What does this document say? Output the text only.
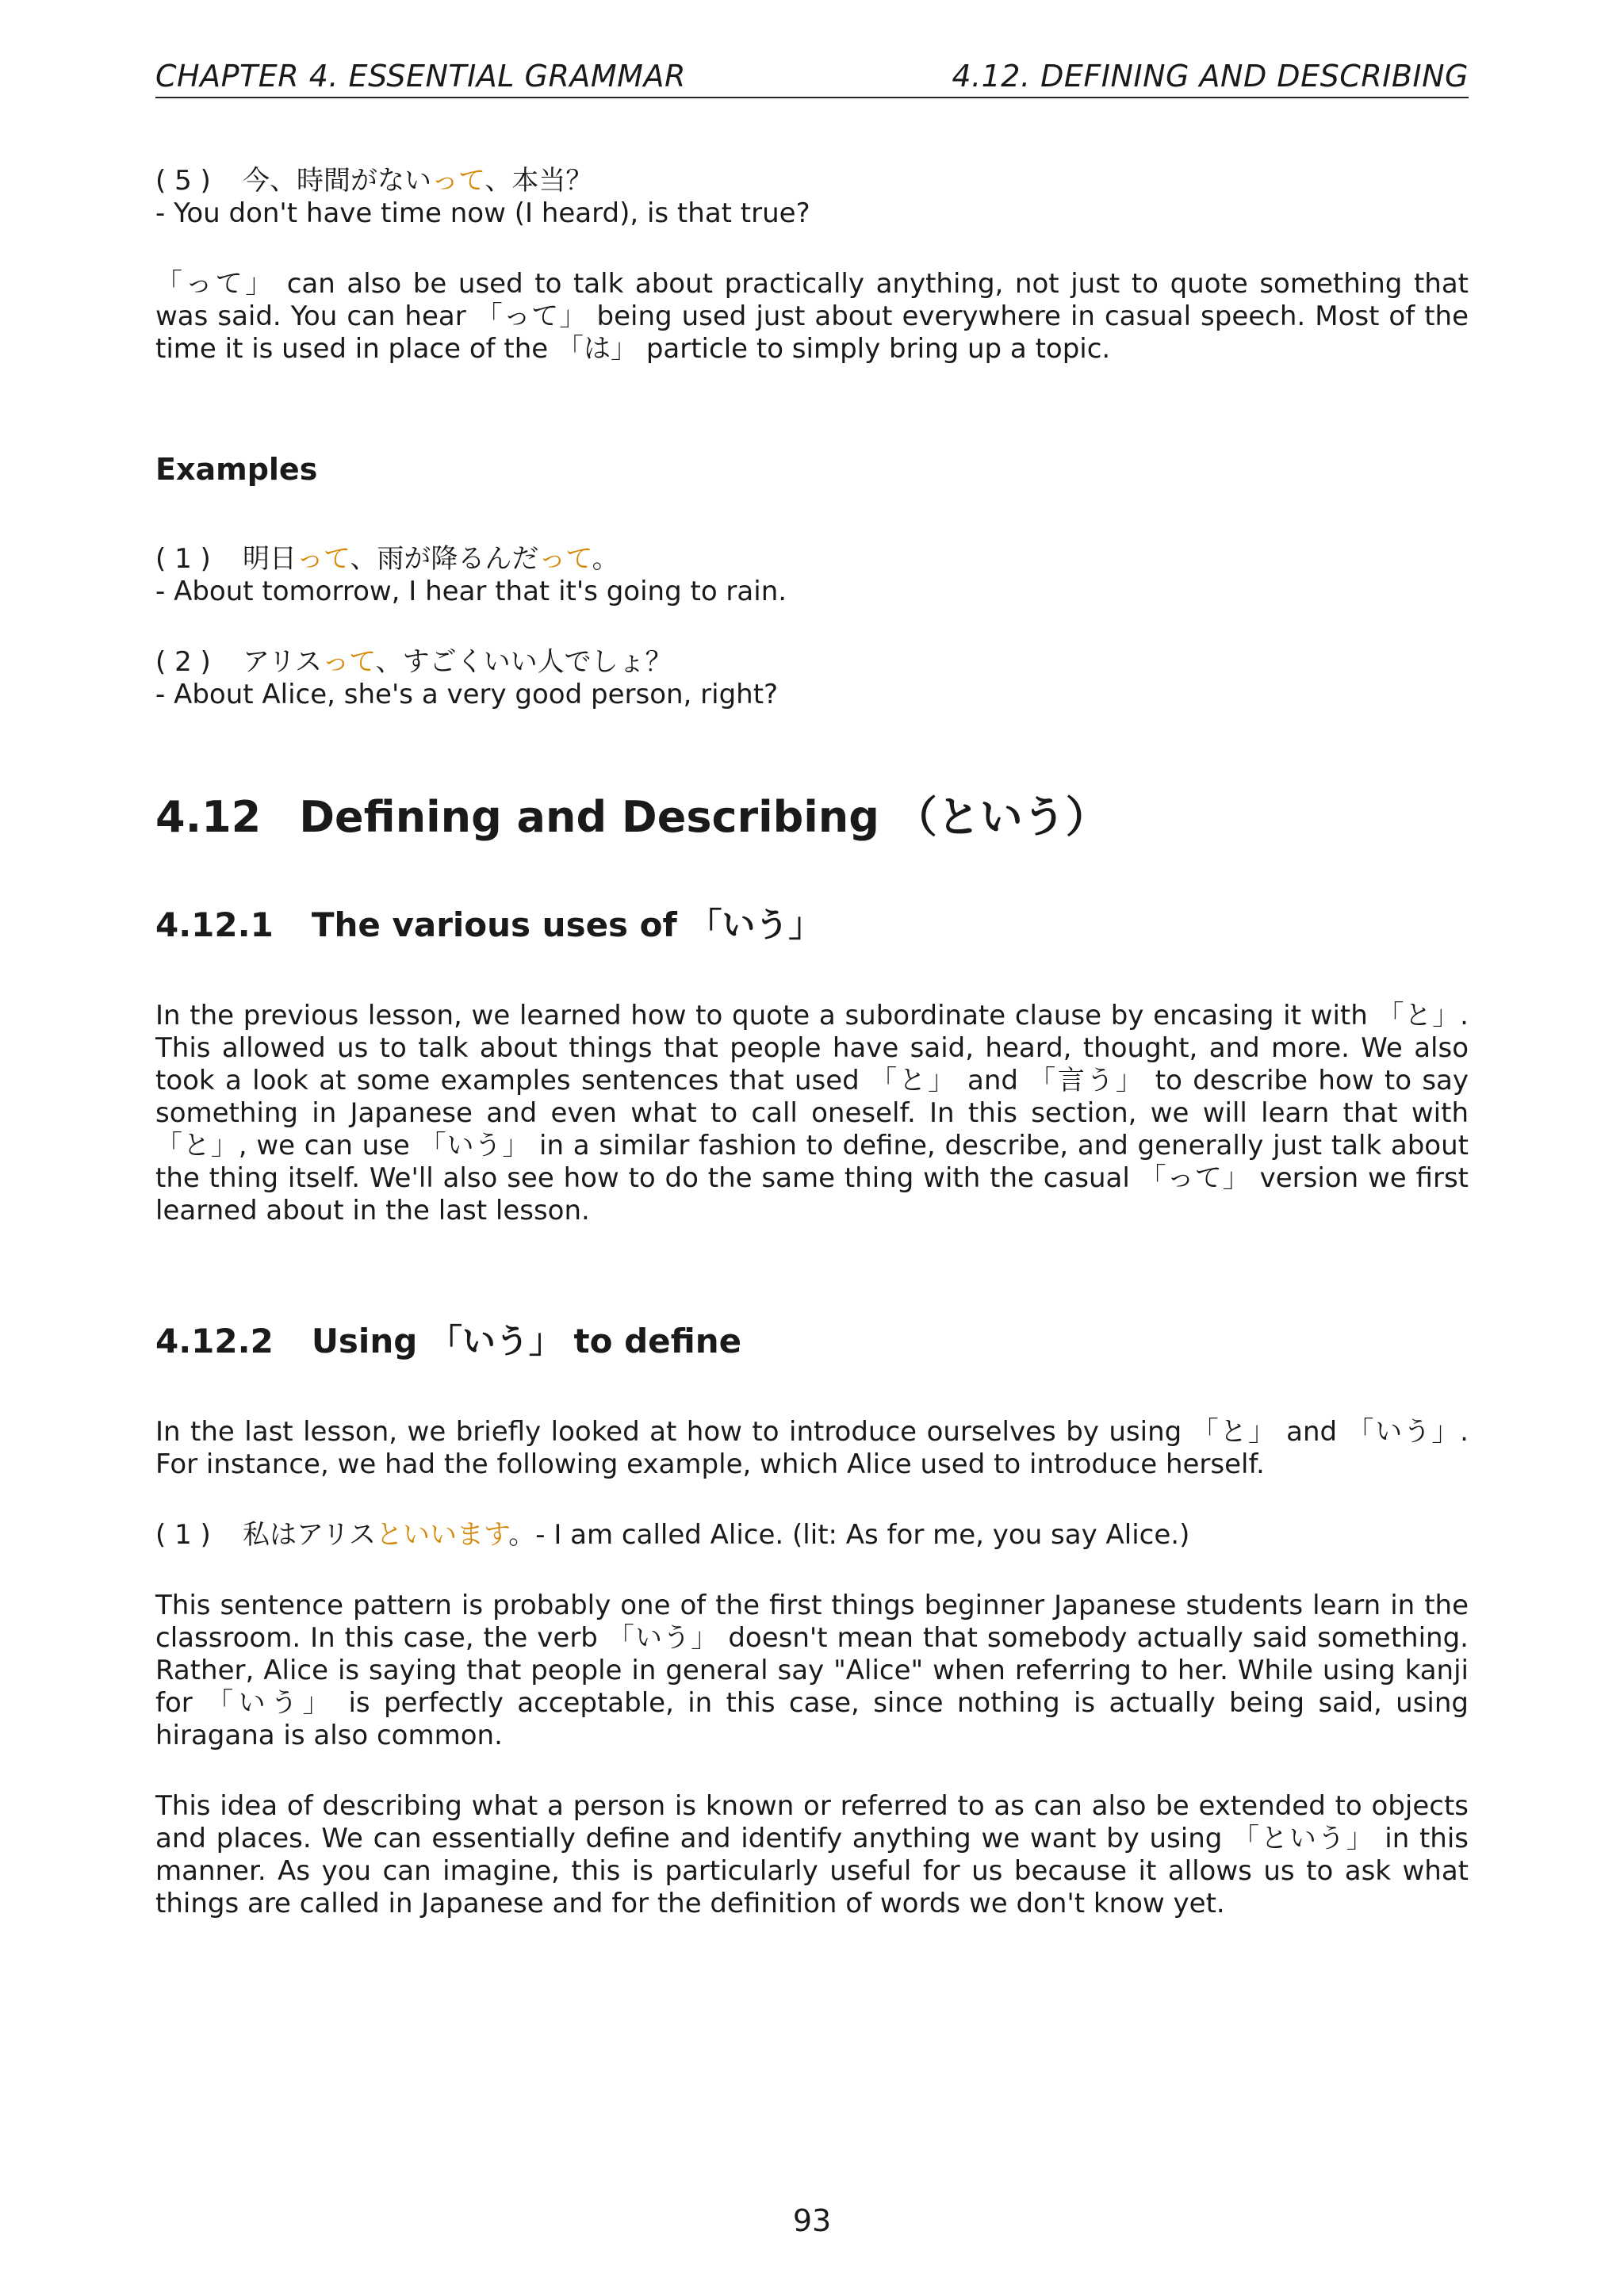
CHAPTER 4. ESSENTIAL GRAMMAR	4.12. DEFINING AND DESCRIBING
( 5 ) 今、時間がないって、本当？
- You don't have time now (I heard), is that true?

「って」 can also be used to talk about practically anything, not just to quote something that was said. You can hear 「って」 being used just about everywhere in casual speech. Most of the time it is used in place of the 「は」 particle to simply bring up a topic.

Examples
( 1 ) 明日って、雨が降るんだって。
- About tomorrow, I hear that it's going to rain.
( 2 ) アリスって、すごくいい人でしょ？
- About Alice, she's a very good person, right?
4.12 Defining and Describing （という）
4.12.1 The various uses of 「いう」

In the previous lesson, we learned how to quote a subordinate clause by encasing it with 「と」. This allowed us to talk about things that people have said, heard, thought, and more. We also took a look at some examples sentences that used 「と」 and 「言う」 to describe how to say something in Japanese and even what to call oneself. In this section, we will learn that with 「と」, we can use 「いう」 in a similar fashion to define, describe, and generally just talk about the thing itself. We'll also see how to do the same thing with the casual 「って」 version we first learned about in the last lesson.

4.12.2 Using 「いう」 to define

In the last lesson, we briefly looked at how to introduce ourselves by using 「と」 and 「いう」. For instance, we had the following example, which Alice used to introduce herself.

( 1 ) 私はアリスといいます。- I am called Alice. (lit: As for me, you say Alice.)

This sentence pattern is probably one of the first things beginner Japanese students learn in the classroom. In this case, the verb 「いう」 doesn't mean that somebody actually said something. Rather, Alice is saying that people in general say "Alice" when referring to her. While using kanji for 「いう」 is perfectly acceptable, in this case, since nothing is actually being said, using hiragana is also common.

This idea of describing what a person is known or referred to as can also be extended to objects and places. We can essentially define and identify anything we want by using 「という」 in this manner. As you can imagine, this is particularly useful for us because it allows us to ask what things are called in Japanese and for the definition of words we don't know yet.

93
